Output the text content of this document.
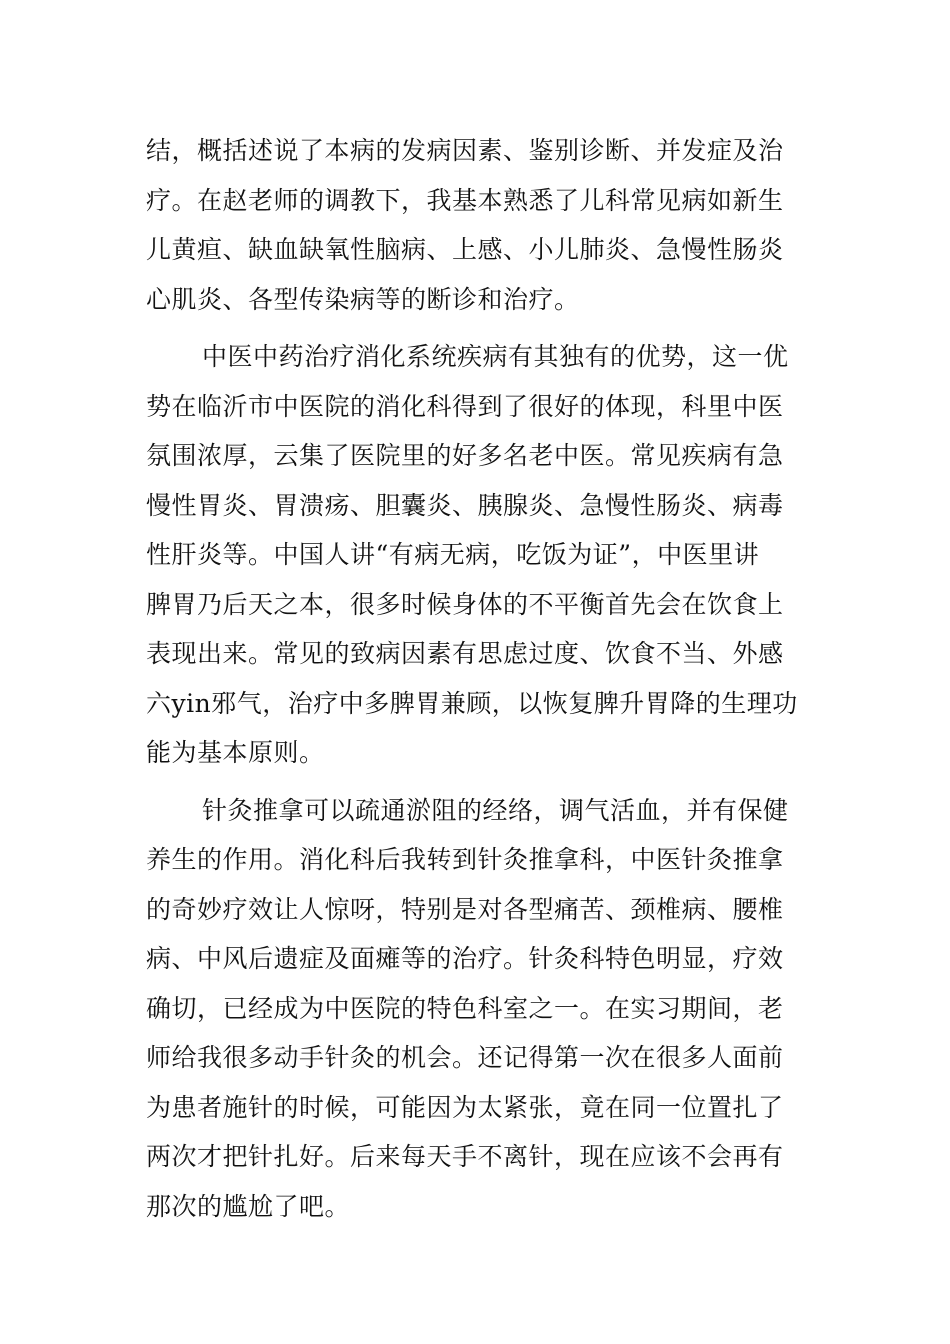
结，概括述说了本病的发病因素、鉴别诊断、并发症及治
疗。在赵老师的调教下，我基本熟悉了儿科常见病如新生
儿黄疸、缺血缺氧性脑病、上感、小儿肺炎、急慢性肠炎
心肌炎、各型传染病等的断诊和治疗。

中医中药治疗消化系统疾病有其独有的优势，这一优
势在临沂市中医院的消化科得到了很好的体现，科里中医
氛围浓厚，云集了医院里的好多名老中医。常见疾病有急
慢性胃炎、胃溃疡、胆囊炎、胰腺炎、急慢性肠炎、病毒
性肝炎等。中国人讲“有病无病，吃饭为证”，中医里讲
脾胃乃后天之本，很多时候身体的不平衡首先会在饮食上
表现出来。常见的致病因素有思虑过度、饮食不当、外感
六yin邪气，治疗中多脾胃兼顾，以恢复脾升胃降的生理功
能为基本原则。

针灸推拿可以疏通淤阻的经络，调气活血，并有保健
养生的作用。消化科后我转到针灸推拿科，中医针灸推拿
的奇妙疗效让人惊呀，特别是对各型痛苦、颈椎病、腰椎
病、中风后遗症及面瘫等的治疗。针灸科特色明显，疗效
确切，已经成为中医院的特色科室之一。在实习期间，老
师给我很多动手针灸的机会。还记得第一次在很多人面前
为患者施针的时候，可能因为太紧张，竟在同一位置扎了
两次才把针扎好。后来每天手不离针，现在应该不会再有
那次的尴尬了吧。
